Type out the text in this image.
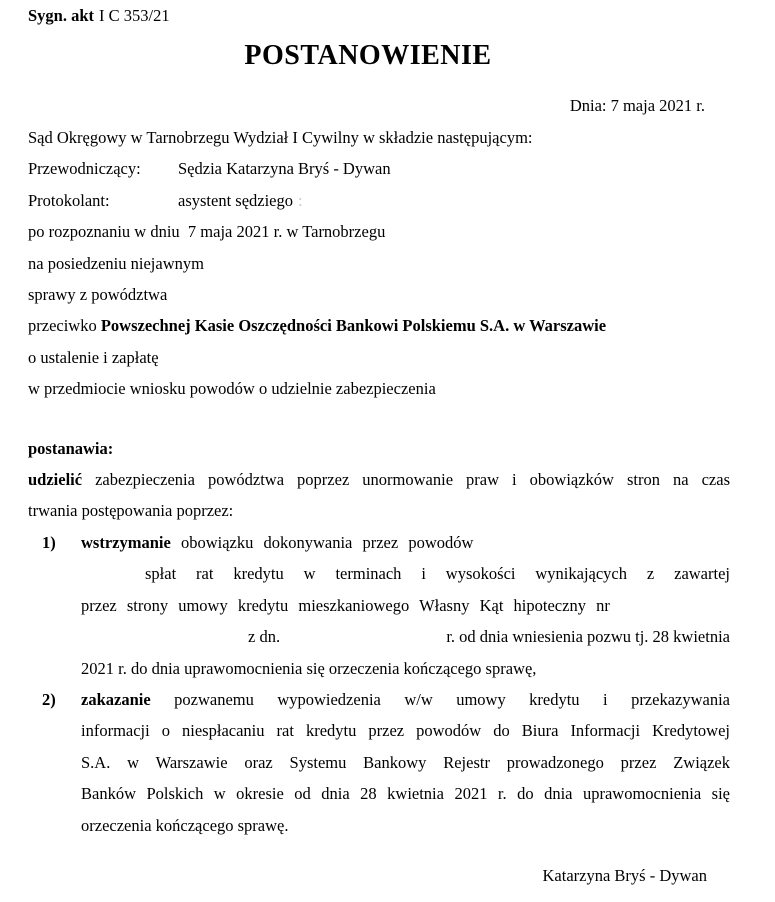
Sygn. akt I C 353/21
POSTANOWIENIE
Dnia: 7 maja 2021 r.
Sąd Okręgowy w Tarnobrzegu Wydział I Cywilny w składzie następującym:
Przewodniczący: Sędzia Katarzyna Bryś - Dywan
Protokolant:	asystent sędziego :
po rozpoznaniu w dniu  7 maja 2021 r. w Tarnobrzegu
na posiedzeniu niejawnym
sprawy z powództwa
przeciwko Powszechnej Kasie Oszczędności Bankowi Polskiemu S.A. w Warszawie
o ustalenie i zapłatę
w przedmiocie wniosku powodów o udzielnie zabezpieczenia
postanawia:
udzielić zabezpieczenia powództwa poprzez unormowanie praw i obowiązków stron na czas
trwania postępowania poprzez:
1) wstrzymanie obowiązku dokonywania przez powodów
spłat rat kredytu w terminach i wysokości wynikających z zawartej
przez strony umowy kredytu mieszkaniowego Własny Kąt hipoteczny nr
z dn.	r. od dnia wniesienia pozwu tj. 28 kwietnia
2021 r. do dnia uprawomocnienia się orzeczenia kończącego sprawę,
2) zakazanie pozwanemu wypowiedzenia w/w umowy kredytu i przekazywania
informacji o niespłacaniu rat kredytu przez powodów do Biura Informacji Kredytowej
S.A. w Warszawie oraz Systemu Bankowy Rejestr prowadzonego przez Związek
Banków Polskich w okresie od dnia 28 kwietnia 2021 r. do dnia uprawomocnienia się
orzeczenia kończącego sprawę.
Katarzyna Bryś - Dywan
